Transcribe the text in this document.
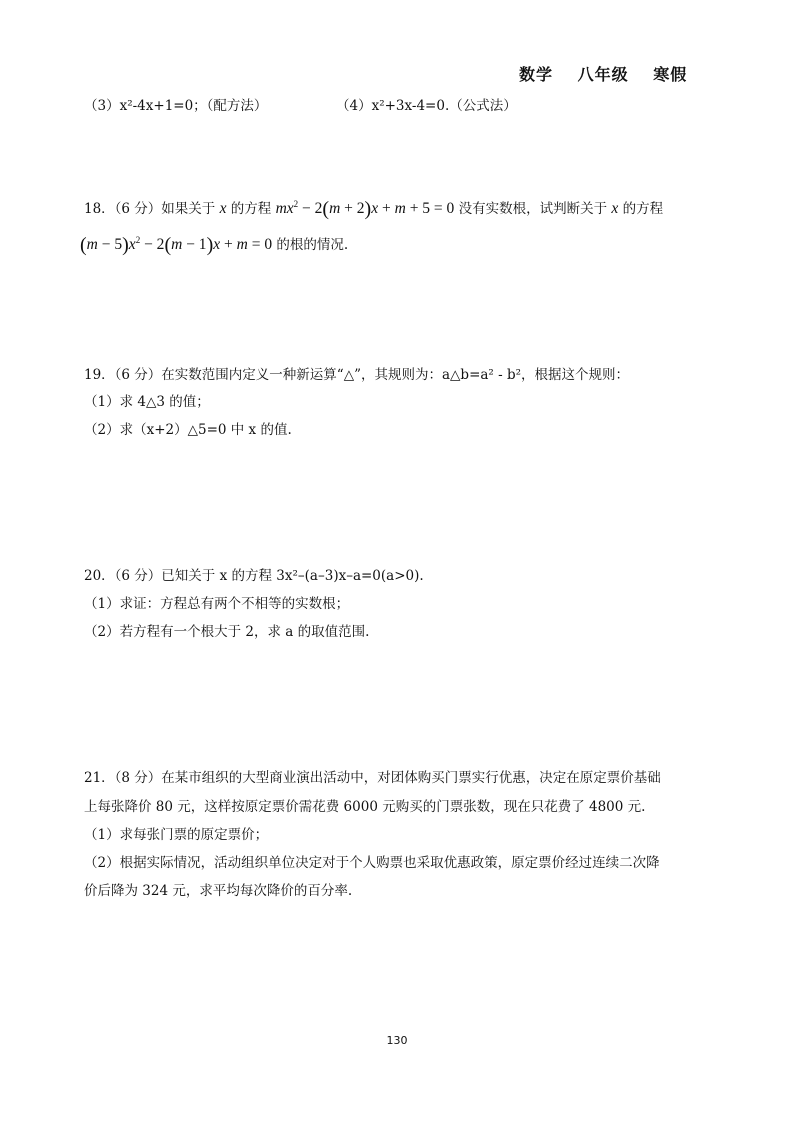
数学 八年级 寒假
（3）x²-4x+1=0；（配方法）	（4）x²+3x-4=0.（公式法）
18．（6 分）如果关于 x 的方程 $mx^2 - 2(m + 2)x + m + 5 = 0$ 没有实数根，试判断关于 x 的方程
$(m - 5)x^2 - 2(m - 1)x + m = 0$ 的根的情况.
19．（6 分）在实数范围内定义一种新运算“△”，其规则为：a△b=a² - b²，根据这个规则：
（1）求 4△3 的值；
（2）求（x+2）△5=0 中 x 的值.
20．（6 分）已知关于 x 的方程 3x²–(a–3)x–a=0(a>0).
（1）求证：方程总有两个不相等的实数根；
（2）若方程有一个根大于 2，求 a 的取值范围.
21．（8 分）在某市组织的大型商业演出活动中，对团体购买门票实行优惠，决定在原定票价基础
上每张降价 80 元，这样按原定票价需花费 6000 元购买的门票张数，现在只花费了 4800 元.
（1）求每张门票的原定票价；
（2）根据实际情况，活动组织单位决定对于个人购票也采取优惠政策，原定票价经过连续二次降
价后降为 324 元，求平均每次降价的百分率.
130
